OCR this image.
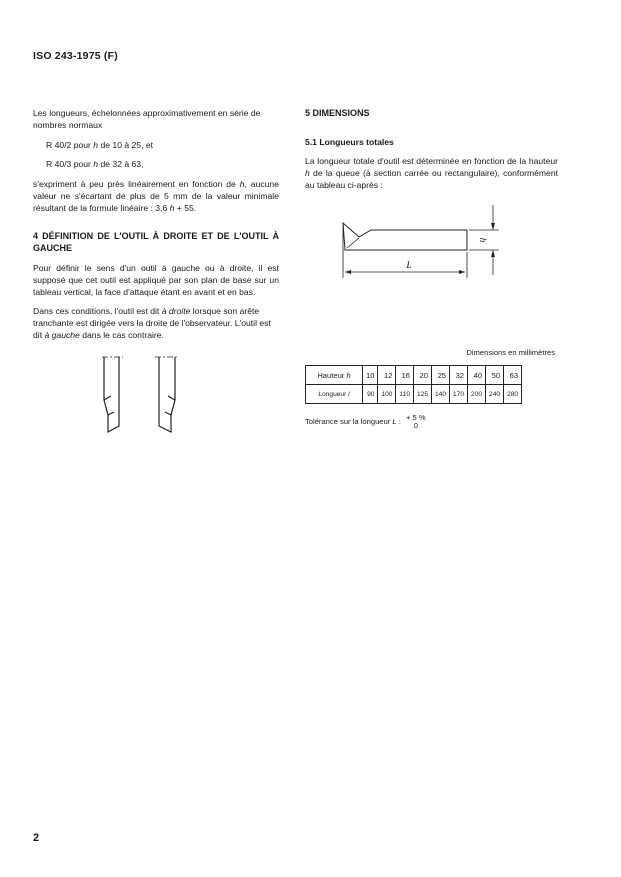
ISO 243-1975 (F)

Les longueurs, échelonnées approximativement en série de nombres normaux

R 40/2 pour h de 10 à 25, et

R 40/3 pour h de 32 à 63,

s'expriment à peu près linéairement en fonction de h, aucune valeur ne s'écartant de plus de 5 mm de la valeur minimale résultant de la formule linéaire : 3,6 h + 55.

4 DÉFINITION DE L'OUTIL À DROITE ET DE L'OUTIL À GAUCHE

Pour définir le sens d'un outil à gauche ou à droite, il est supposé que cet outil est appliqué par son plan de base sur un tableau vertical, la face d'attaque étant en avant et en bas.

Dans ces conditions, l'outil est dit à droite lorsque son arête tranchante est dirigée vers la droite de l'observateur. L'outil est dit à gauche dans le cas contraire.

5 DIMENSIONS
5.1 Longueurs totales

La longueur totale d'outil est déterminée en fonction de la hauteur h de la queue (à section carrée ou rectangulaire), conformément au tableau ci-après :

h
L
Dimensions en millimètres
Hauteur h	10	12	16	20	25	32	40	50	63
Longueur l	90	100	110	125	140	170	200	240	280
Tolérance sur la longueur L : + 5 %
0
2
